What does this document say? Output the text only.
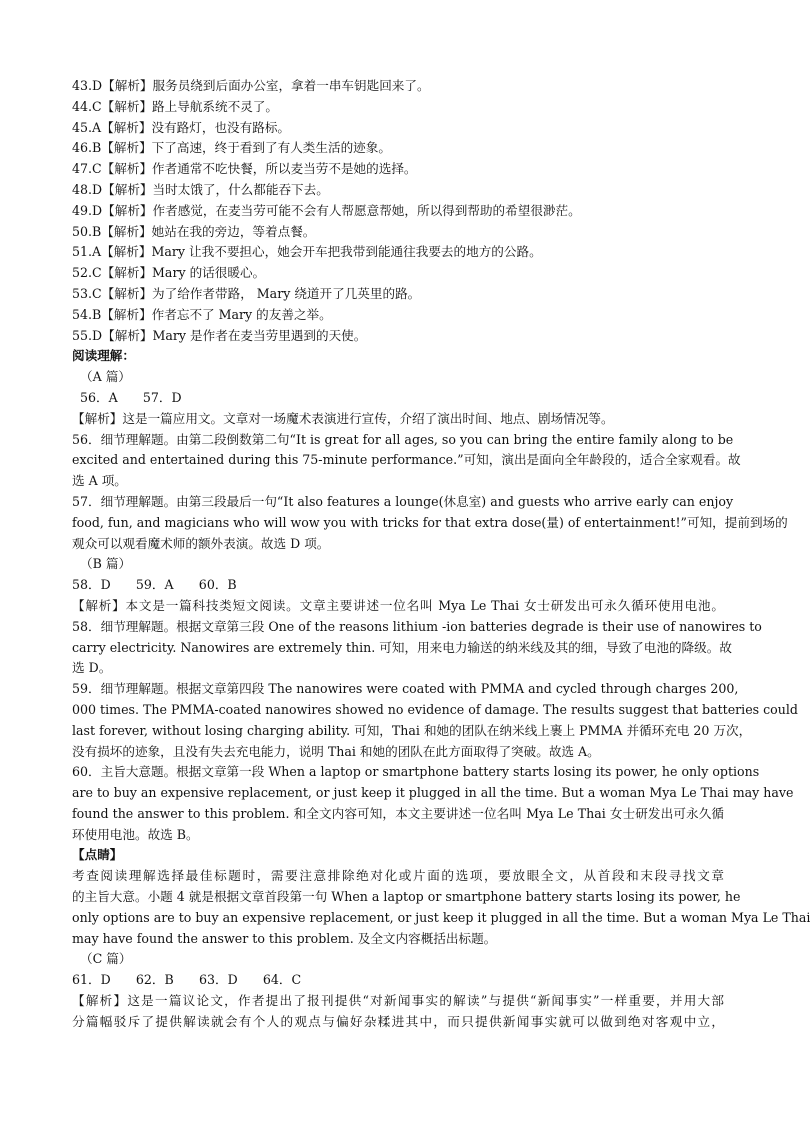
43.D【解析】服务员绕到后面办公室，拿着一串车钥匙回来了。
44.C【解析】路上导航系统不灵了。
45.A【解析】没有路灯，也没有路标。
46.B【解析】下了高速，终于看到了有人类生活的迹象。
47.C【解析】作者通常不吃快餐，所以麦当劳不是她的选择。
48.D【解析】当时太饿了，什么都能吞下去。
49.D【解析】作者感觉，在麦当劳可能不会有人帮愿意帮她，所以得到帮助的希望很渺茫。
50.B【解析】她站在我的旁边，等着点餐。
51.A【解析】Mary 让我不要担心，她会开车把我带到能通往我要去的地方的公路。
52.C【解析】Mary 的话很暖心。
53.C【解析】为了给作者带路， Mary 绕道开了几英里的路。
54.B【解析】作者忘不了 Mary 的友善之举。
55.D【解析】Mary 是作者在麦当劳里遇到的天使。
阅读理解：
（A 篇）
56．A　　57．D
【解析】这是一篇应用文。文章对一场魔术表演进行宣传，介绍了演出时间、地点、剧场情况等。
56．细节理解题。由第二段倒数第二句“It is great for all ages, so you can bring the entire family along to be
excited and entertained during this 75-minute performance.”可知，演出是面向全年龄段的，适合全家观看。故
选 A 项。
57．细节理解题。由第三段最后一句“It also features a lounge(休息室) and guests who arrive early can enjoy
food, fun, and magicians who will wow you with tricks for that extra dose(量) of entertainment!”可知，提前到场的
观众可以观看魔术师的额外表演。故选 D 项。
（B 篇）
58．D　　59．A　　60．B
【解析】本文是一篇科技类短文阅读。文章主要讲述一位名叫 Mya Le Thai 女士研发出可永久循环使用电池。
58．细节理解题。根据文章第三段 One of the reasons lithium -ion batteries degrade is their use of nanowires to
carry electricity. Nanowires are extremely thin. 可知，用来电力输送的纳米线及其的细，导致了电池的降级。故
选 D。
59．细节理解题。根据文章第四段 The nanowires were coated with PMMA and cycled through charges 200,
000 times. The PMMA-coated nanowires showed no evidence of damage. The results suggest that batteries could
last forever, without losing charging ability. 可知，Thai 和她的团队在纳米线上裹上 PMMA 并循环充电 20 万次，
没有损坏的迹象，且没有失去充电能力，说明 Thai 和她的团队在此方面取得了突破。故选 A。
60．主旨大意题。根据文章第一段 When a laptop or smartphone battery starts losing its power, he only options
are to buy an expensive replacement, or just keep it plugged in all the time. But a woman Mya Le Thai may have
found the answer to this problem. 和全文内容可知，本文主要讲述一位名叫 Mya Le Thai 女士研发出可永久循
环使用电池。故选 B。
【点睛】
考查阅读理解选择最佳标题时，需要注意排除绝对化或片面的选项，要放眼全文，从首段和末段寻找文章
的主旨大意。小题 4 就是根据文章首段第一句 When a laptop or smartphone battery starts losing its power, he
only options are to buy an expensive replacement, or just keep it plugged in all the time. But a woman Mya Le Thai
may have found the answer to this problem. 及全文内容概括出标题。
（C 篇）
61．D　　62．B　　63．D　　64．C
【解析】这是一篇议论文，作者提出了报刊提供“对新闻事实的解读”与提供“新闻事实”一样重要，并用大部
分篇幅驳斥了提供解读就会有个人的观点与偏好杂糅进其中，而只提供新闻事实就可以做到绝对客观中立，
